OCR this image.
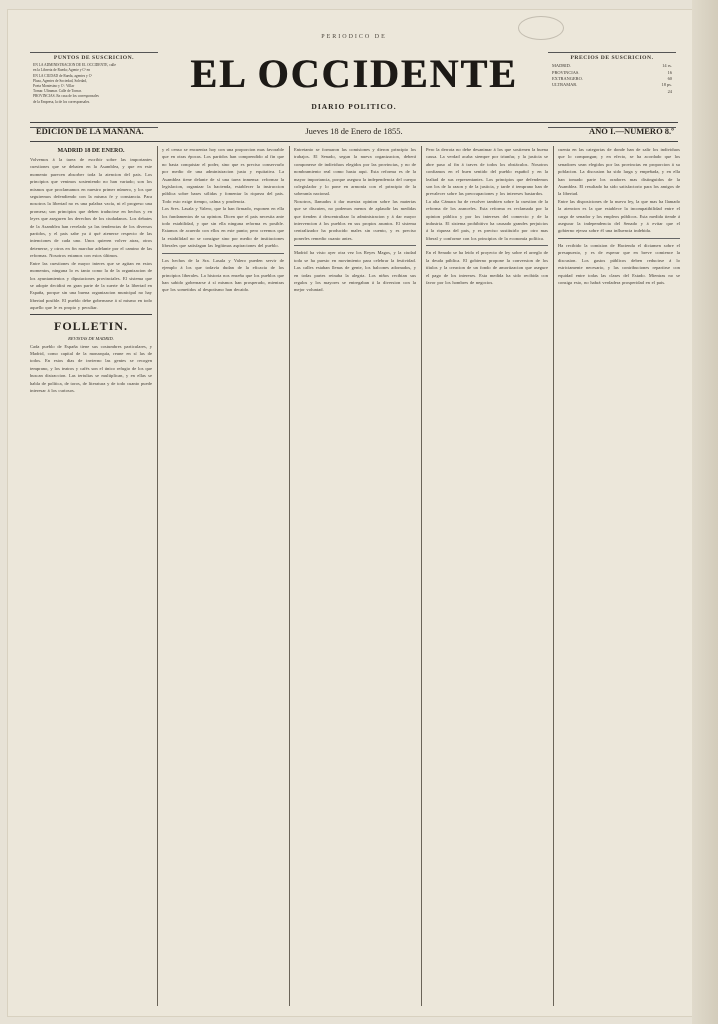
PERIODICO DE
EL OCCIDENTE
DIARIO POLITICO.
PUNTOS DE SUSCRICION.
EN LA ADMINISTRACION DE EL OCCIDENTE, calle
en la Libreria de Rueda; Agente y Cª en
EN LA CIUDAD de Rueda, agentes y Cª
Plaza, Agentes de Sociedad, Soledad,
Poeta Montesino y Cª. Villar
Tornar. Ultramar. Calle de Tornar.
PROVINCIAS. En casa de los corresponsales
de la Empresa, la de los corresponsales.
PRECIOS DE SUSCRICION.
MADRID.	14 rs.
PROVINCIAS.	16
EXTRANGERO.	60
ULTRAMAR.	18 ps.
24
EDICION DE LA MAÑANA.	Jueves 18 de Enero de 1855.	AÑO I.—NUMERO 8.º
MADRID 18 DE ENERO.
Volvemos á la tarea de escribir sobre las importantes cuestiones que se debaten en la Asamblea, y que en este momento parecen absorber toda la atencion del pais. Los principios que venimos sosteniendo no han variado; son los mismos que proclamamos en nuestro primer número, y los que seguiremos defendiendo con la misma fe y constancia. Para nosotros la libertad no es una palabra vacía, ni el progreso una promesa; son principios que deben traducirse en hechos y en leyes que aseguren los derechos de los ciudadanos. Los debates de la Asamblea han revelado ya las tendencias de los diversos partidos, y el pais sabe ya á qué atenerse respecto de las intenciones de cada uno. Unos quieren volver atras, otros detenerse, y otros en fin marchar adelante por el camino de las reformas. Nosotros estamos con estos últimos.
Entre las cuestiones de mayor interes que se agitan en estos momentos, ninguna lo es tanto como la de la organizacion de los ayuntamientos y diputaciones provinciales. El sistema que se adopte decidirá en gran parte de la suerte de la libertad en España, porque sin una buena organizacion municipal no hay libertad posible. El pueblo debe gobernarse á sí mismo en todo aquello que le es propio y peculiar.
FOLLETIN.
REVISTAS DE MADRID.
Cada pueblo de España tiene sus costumbres particulares, y Madrid, como capital de la monarquía, reune en sí las de todos. En estos dias de invierno las gentes se recogen temprano, y los teatros y cafés son el único refugio de los que buscan distraccion. Las tertulias se multiplican, y en ellas se habla de política, de toros, de literatura y de todo cuanto puede interesar á los curiosos.
y el censo se encuentra hoy con una proporcion mas favorable que en otras épocas. Los partidos han comprendido al fin que no basta conquistar el poder, sino que es preciso conservarlo por medio de una administracion justa y equitativa. La Asamblea tiene delante de sí una tarea inmensa: reformar la legislacion, organizar la hacienda, establecer la instruccion pública sobre bases sólidas y fomentar la riqueza del pais. Todo esto exige tiempo, calma y prudencia.
Los Sres. Lasala y Valero, que la han firmado, exponen en ella los fundamentos de su opinion. Dicen que el pais necesita ante todo estabilidad, y que sin ella ninguna reforma es posible. Estamos de acuerdo con ellos en este punto; pero creemos que la estabilidad no se consigue sino por medio de instituciones liberales que satisfagan las legítimas aspiraciones del pueblo.
Los hechos de la Sra. Lasala y Valero pueden servir de ejemplo á los que todavía dudan de la eficacia de los principios liberales. La historia nos enseña que los pueblos que han sabido gobernarse á sí mismos han prosperado, mientras que los sometidos al despotismo han decaido.
Entretanto se formaron las comisiones y dieron principio los trabajos. El Senado, segun la nueva organizacion, deberá componerse de individuos elegidos por las provincias, y no de nombramiento real como hasta aqui. Esta reforma es de la mayor importancia, porque asegura la independencia del cuerpo colegislador y lo pone en armonía con el principio de la soberanía nacional.
Nosotros, llamados á dar nuestra opinion sobre las materias que se discuten, no podemos menos de aplaudir las medidas que tienden á descentralizar la administracion y á dar mayor intervencion á los pueblos en sus propios asuntos. El sistema centralizador ha producido males sin cuento, y es preciso ponerles remedio cuanto antes.
Madrid ha visto ayer otra vez los Reyes Magos, y la ciudad toda se ha puesto en movimiento para celebrar la festividad. Las calles estaban llenas de gente, los balcones adornados, y en todas partes reinaba la alegria. Los niños recibian sus regalos y los mayores se entregaban á la diversion con la mejor voluntad.
Pero la derrota no debe desanimar á los que sostienen la buena causa. La verdad acaba siempre por triunfar, y la justicia se abre paso al fin á traves de todos los obstáculos. Nosotros confiamos en el buen sentido del pueblo español y en la lealtad de sus representantes. Los principios que defendemos son los de la razon y de la justicia, y tarde ó temprano han de prevalecer sobre las preocupaciones y los intereses bastardos.
La alta Cámara ha de resolver tambien sobre la cuestion de la reforma de los aranceles. Esta reforma es reclamada por la opinion pública y por los intereses del comercio y de la industria. El sistema prohibitivo ha causado grandes perjuicios á la riqueza del pais, y es preciso sustituirlo por otro mas liberal y conforme con los principios de la economía política.
En el Senado se ha leido el proyecto de ley sobre el arreglo de la deuda pública. El gobierno propone la conversion de los títulos y la creacion de un fondo de amortizacion que asegure el pago de los intereses. Esta medida ha sido recibida con favor por los hombres de negocios.
cuenta en las categorias de donde han de salir los individuos que lo compongan; y en efecto, se ha acordado que los senadores sean elegidos por las provincias en proporcion á su poblacion. La discusion ha sido larga y empeñada, y en ella han tomado parte los oradores mas distinguidos de la Asamblea. El resultado ha sido satisfactorio para los amigos de la libertad.
Entre las disposiciones de la nueva ley, la que mas ha llamado la atencion es la que establece la incompatibilidad entre el cargo de senador y los empleos públicos. Esta medida tiende á asegurar la independencia del Senado y á evitar que el gobierno ejerza sobre él una influencia indebida.
Ha recibido la comision de Hacienda el dictamen sobre el presupuesto, y es de esperar que en breve comience la discusion. Los gastos públicos deben reducirse á lo estrictamente necesario, y las contribuciones repartirse con equidad entre todas las clases del Estado. Mientras no se consiga esto, no habrá verdadera prosperidad en el pais.
